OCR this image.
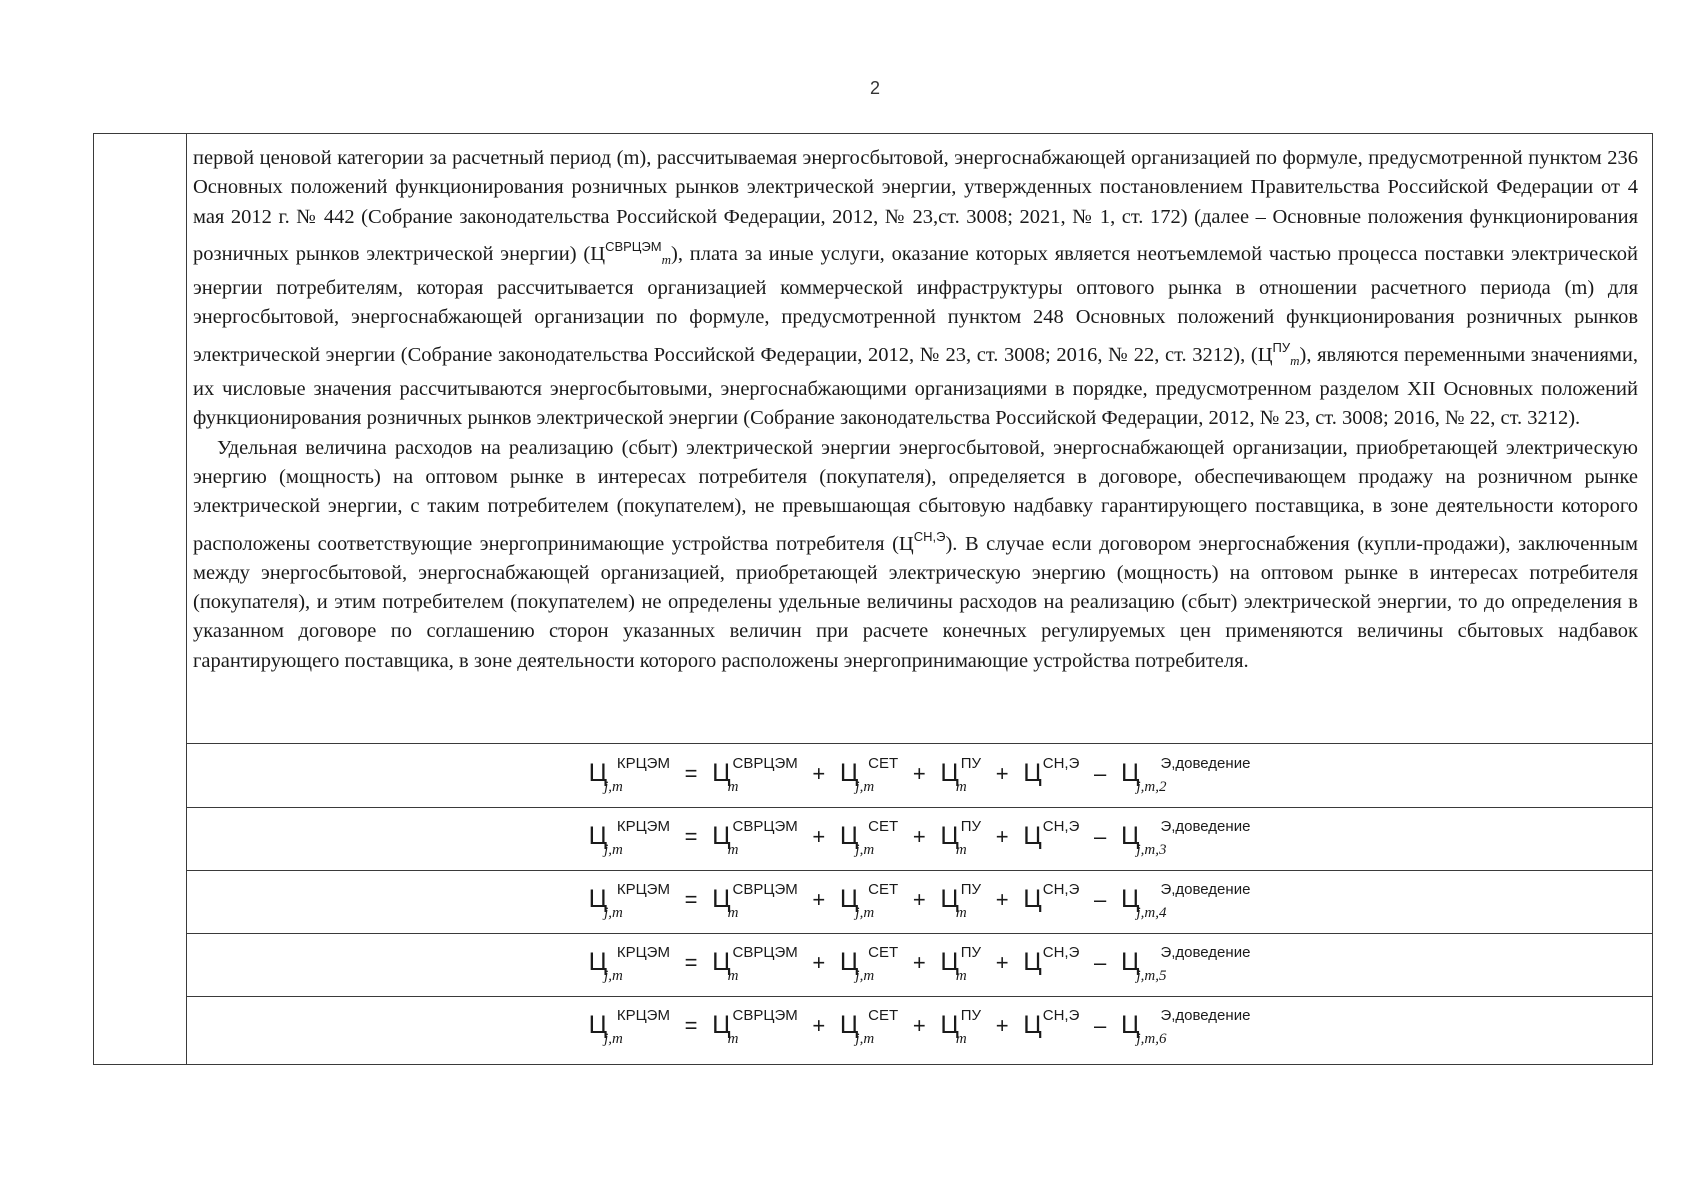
2

первой ценовой категории за расчетный период (m), рассчитываемая энергосбытовой, энергоснабжающей организацией по формуле, предусмотренной пунктом 236 Основных положений функционирования розничных рынков электрической энергии, утвержденных постановлением Правительства Российской Федерации от 4 мая 2012 г. № 442 (Собрание законодательства Российской Федерации, 2012, № 23,ст. 3008; 2021, № 1, ст. 172) (далее – Основные положения функционирования розничных рынков электрической энергии) $(Ц^{СВРЦЭМ}m)$, плата за иные услуги, оказание которых является неотъемлемой частью процесса поставки электрической энергии потребителям, которая рассчитывается организацией коммерческой инфраструктуры оптового рынка в отношении расчетного периода (m) для энергосбытовой, энергоснабжающей организации по формуле, предусмотренной пунктом 248 Основных положений функционирования розничных рынков электрической энергии (Собрание законодательства Российской Федерации, 2012, № 23, ст. 3008; 2016, № 22, ст. 3212), $(Ц^{ПУ}m)$, являются переменными значениями, их числовые значения рассчитываются энергосбытовыми, энергоснабжающими организациями в порядке, предусмотренном разделом XII Основных положений функционирования розничных рынков электрической энергии (Собрание законодательства Российской Федерации, 2012, № 23, ст. 3008; 2016, № 22, ст. 3212).

Удельная величина расходов на реализацию (сбыт) электрической энергии энергосбытовой, энергоснабжающей организации, приобретающей электрическую энергию (мощность) на оптовом рынке в интересах потребителя (покупателя), определяется в договоре, обеспечивающем продажу на розничном рынке электрической энергии, с таким потребителем (покупателем), не превышающая сбытовую надбавку гарантирующего поставщика, в зоне деятельности которого расположены соответствующие энергопринимающие устройства потребителя $(Ц^{СН,Э})$. В случае если договором энергоснабжения (купли-продажи), заключенным между энергосбытовой, энергоснабжающей организацией, приобретающей электрическую энергию (мощность) на оптовом рынке в интересах потребителя (покупателя), и этим потребителем (покупателем) не определены удельные величины расходов на реализацию (сбыт) электрической энергии, то до определения в указанном договоре по соглашению сторон указанных величин при расчете конечных регулируемых цен применяются величины сбытовых надбавок гарантирующего поставщика, в зоне деятельности которого расположены энергопринимающие устройства потребителя.

Цj,mКРЦЭМ = ЦmСВРЦЭМ + Цj,mСЕТ + ЦmПУ + ЦСН,Э – Цj,m,2Э,доведение
Цj,mКРЦЭМ = ЦmСВРЦЭМ + Цj,mСЕТ + ЦmПУ + ЦСН,Э – Цj,m,3Э,доведение
Цj,mКРЦЭМ = ЦmСВРЦЭМ + Цj,mСЕТ + ЦmПУ + ЦСН,Э – Цj,m,4Э,доведение
Цj,mКРЦЭМ = ЦmСВРЦЭМ + Цj,mСЕТ + ЦmПУ + ЦСН,Э – Цj,m,5Э,доведение
Цj,mКРЦЭМ = ЦmСВРЦЭМ + Цj,mСЕТ + ЦmПУ + ЦСН,Э – Цj,m,6Э,доведение
